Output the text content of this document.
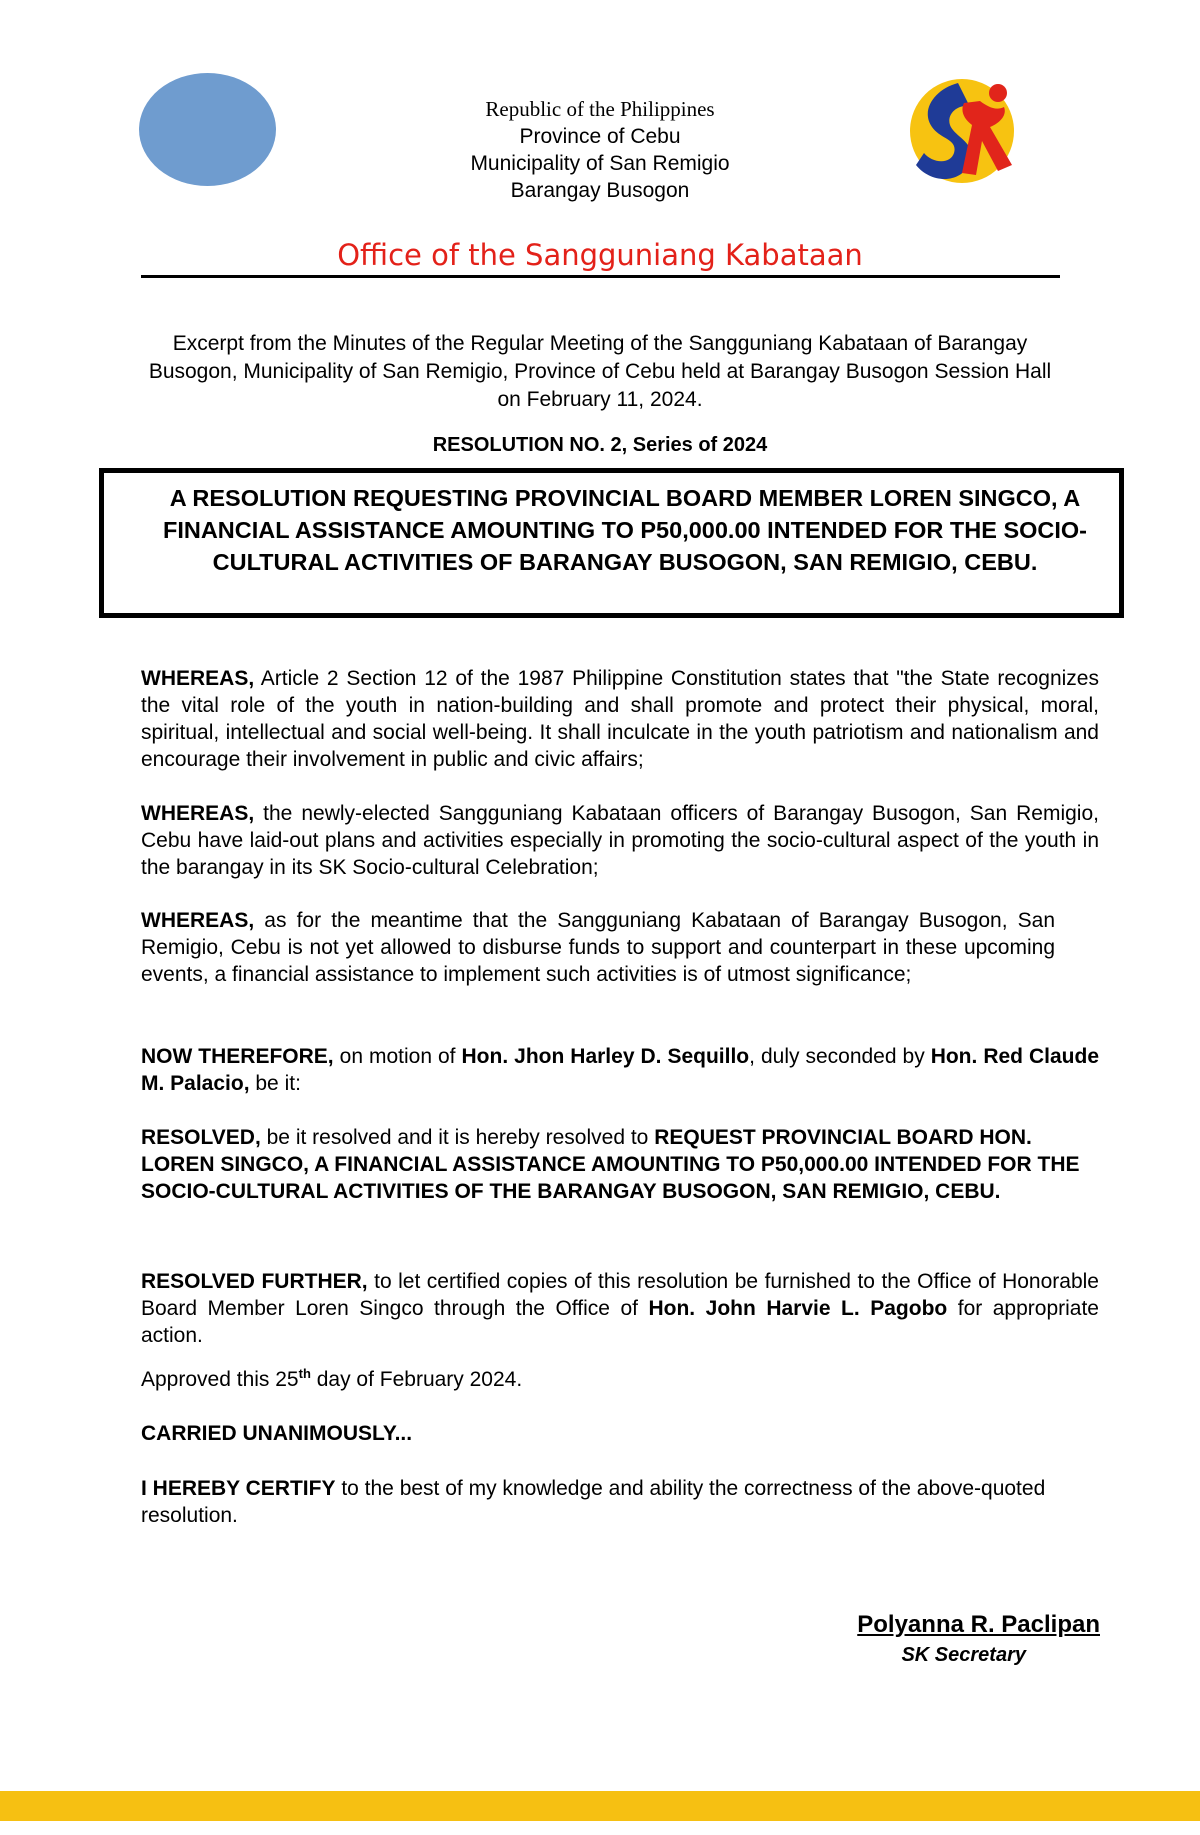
Republic of the Philippines
Province of Cebu
Municipality of San Remigio
Barangay Busogon
Office of the Sangguniang Kabataan
Excerpt from the Minutes of the Regular Meeting of the Sangguniang Kabataan of Barangay Busogon, Municipality of San Remigio, Province of Cebu held at Barangay Busogon Session Hall on February 11, 2024.
RESOLUTION NO. 2, Series of 2024
A RESOLUTION REQUESTING PROVINCIAL BOARD MEMBER LOREN SINGCO, A FINANCIAL ASSISTANCE AMOUNTING TO P50,000.00 INTENDED FOR THE SOCIO-CULTURAL ACTIVITIES OF BARANGAY BUSOGON, SAN REMIGIO, CEBU.
WHEREAS, Article 2 Section 12 of the 1987 Philippine Constitution states that "the State recognizes the vital role of the youth in nation-building and shall promote and protect their physical, moral, spiritual, intellectual and social well-being. It shall inculcate in the youth patriotism and nationalism and encourage their involvement in public and civic affairs;
WHEREAS, the newly-elected Sangguniang Kabataan officers of Barangay Busogon, San Remigio, Cebu have laid-out plans and activities especially in promoting the socio-cultural aspect of the youth in the barangay in its SK Socio-cultural Celebration;
WHEREAS, as for the meantime that the Sangguniang Kabataan of Barangay Busogon, San Remigio, Cebu is not yet allowed to disburse funds to support and counterpart in these upcoming events, a financial assistance to implement such activities is of utmost significance;
NOW THEREFORE, on motion of Hon. Jhon Harley D. Sequillo, duly seconded by Hon. Red Claude M. Palacio, be it:
RESOLVED, be it resolved and it is hereby resolved to REQUEST PROVINCIAL BOARD HON. LOREN SINGCO, A FINANCIAL ASSISTANCE AMOUNTING TO P50,000.00 INTENDED FOR THE SOCIO-CULTURAL ACTIVITIES OF THE BARANGAY BUSOGON, SAN REMIGIO, CEBU.
RESOLVED FURTHER, to let certified copies of this resolution be furnished to the Office of Honorable Board Member Loren Singco through the Office of Hon. John Harvie L. Pagobo for appropriate action.
Approved this 25th day of February 2024.
CARRIED UNANIMOUSLY...
I HEREBY CERTIFY to the best of my knowledge and ability the correctness of the above-quoted resolution.
Polyanna R. Paclipan
SK Secretary
